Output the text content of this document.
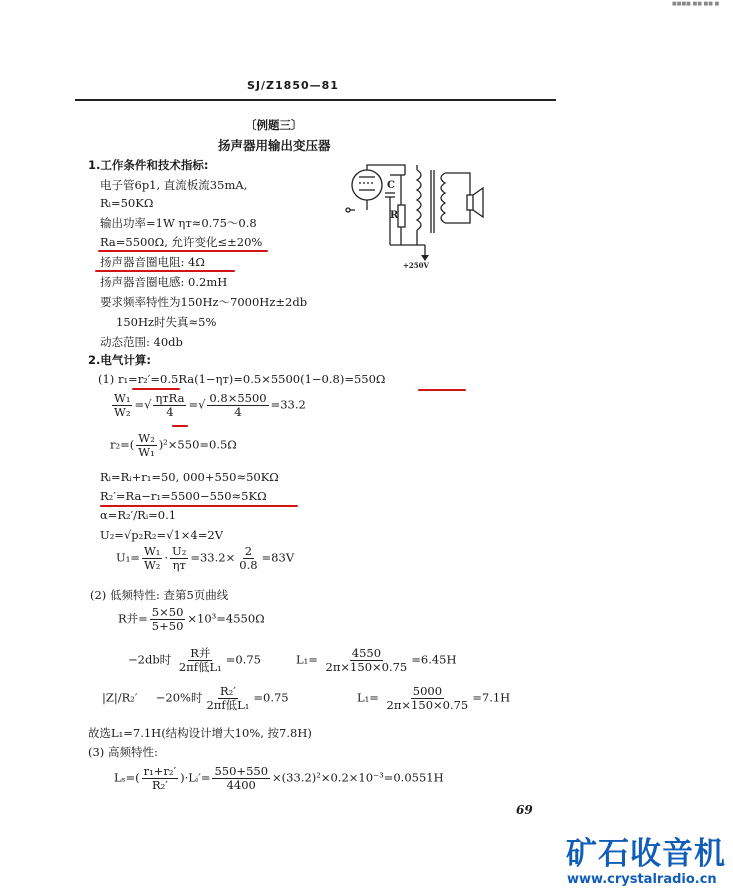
■■■■ ■■ ■■ ■
SJ/Z1850—81
〔例题三〕
扬声器用输出变压器
1.工作条件和技术指标:
电子管6p1, 直流板流35mA,
Rᵢ=50KΩ
输出功率=1W ηᴛ≈0.75～0.8
Ra=5500Ω, 允许变化≤±20%
扬声器音圈电阻: 4Ω
扬声器音圈电感: 0.2mH
要求频率特性为150Hz～7000Hz±2db
150Hz时失真≈5%
动态范围: 40db
C
R
+250V
2.电气计算:
(1) r₁=r₂′=0.5Ra(1−ηᴛ)=0.5×5500(1−0.8)=550Ω
$\frac{\text{W₁}}{\text{W₂}}$ =√ $\frac{\text{ηᴛRa}}{4}$ =√ $\frac{0.8\times 5500}{4} =33.2$
$r_2=( \frac{\text{W₂}}{\text{W₁}} )^2\times 550=0.5\Omega$
Rᵢ=Rᵢ+r₁=50, 000+550≈50KΩ
R₂′=Ra−r₁=5500−550≈5KΩ
α=R₂′/Rᵢ=0.1
U₂=√p₂R₂=√1×4=2V
$U_1= \frac{\text{W₁}}{\text{W₂}} \cdot \frac{\text{U₂}}{\text{ηᴛ}} =33.2\times \frac{2}{0.8} =83V$
(2) 低频特性: 查第5页曲线
R并= $\frac{5\times 50}{5+50} \times 10^3=4550\Omega$
−2db时 $\frac{\text{R并}}{\text{2πf低L₁}} =0.75$	$L_1= \frac{4550}{2\pi\times 150\times 0.75} =6.45H$
|Z|/R₂′ −20%时 $\frac{\text{R₂′}}{\text{2πf低L₁}} =0.75$	$L_1= \frac{5000}{2\pi\times 150\times 0.75} =7.1H$
故选L₁=7.1H(结构设计增大10%, 按7.8H)
(3) 高频特性:
$L_s=( \frac{\text{r₁+r₂′}}{\text{R₂′}}$ )·Lᵢ′= $\frac{550+550}{4400} \times(33.2)^2\times 0.2\times 10^{-3}=0.0551H$
69
矿石收音机
www.crystalradio.cn
